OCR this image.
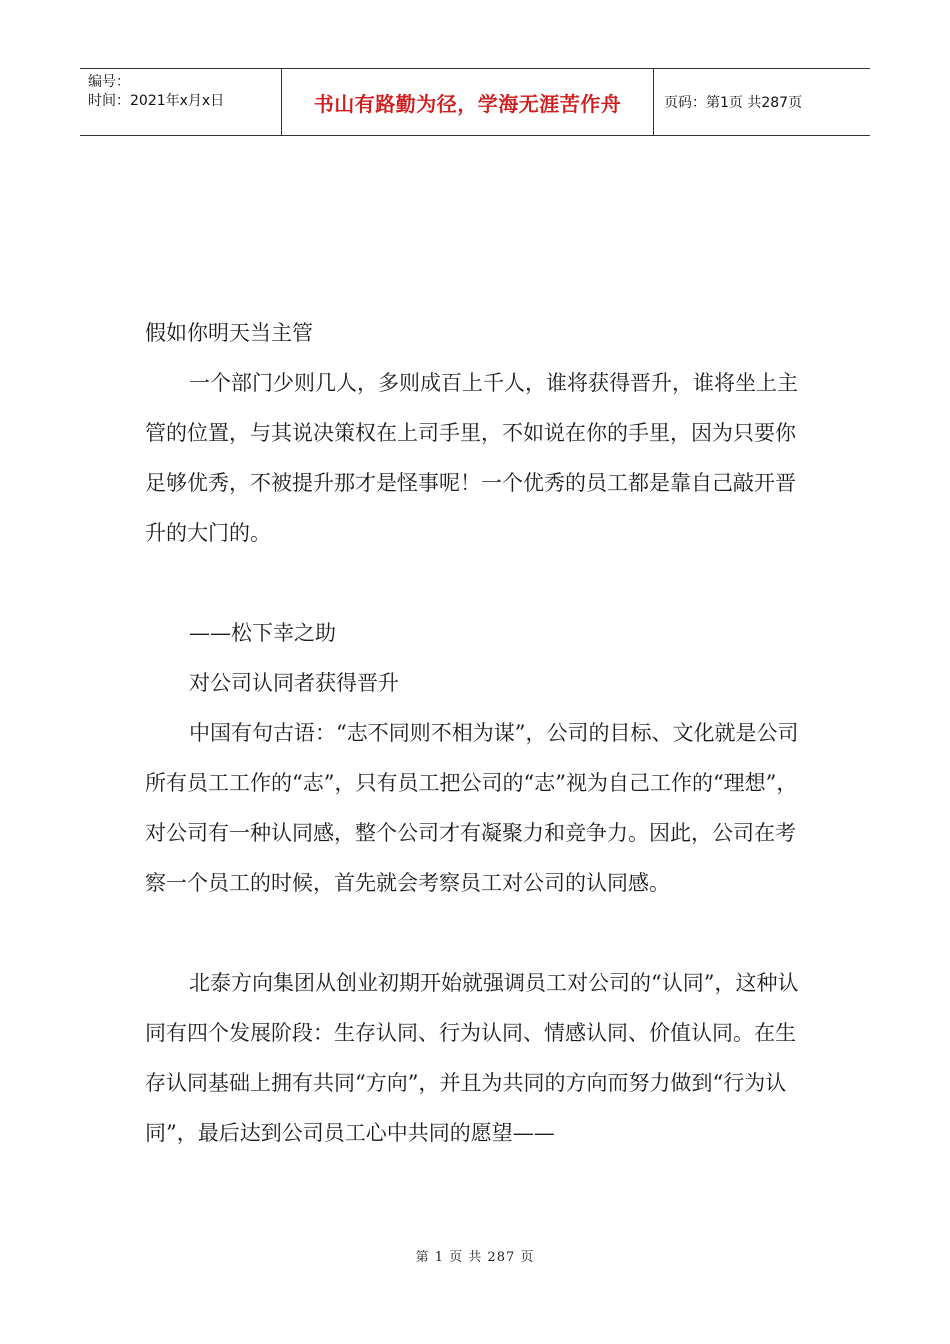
编号：
时间：2021年x月x日	书山有路勤为径，学海无涯苦作舟	页码：第1页 共287页

假如你明天当主管

一个部门少则几人，多则成百上千人，谁将获得晋升，谁将坐上主管的位置，与其说决策权在上司手里，不如说在你的手里，因为只要你足够优秀，不被提升那才是怪事呢！一个优秀的员工都是靠自己敲开晋升的大门的。

——松下幸之助

对公司认同者获得晋升

中国有句古语：“志不同则不相为谋”，公司的目标、文化就是公司所有员工工作的“志”，只有员工把公司的“志”视为自己工作的“理想”，对公司有一种认同感，整个公司才有凝聚力和竞争力。因此，公司在考察一个员工的时候，首先就会考察员工对公司的认同感。

北泰方向集团从创业初期开始就强调员工对公司的“认同”，这种认同有四个发展阶段：生存认同、行为认同、情感认同、价值认同。在生存认同基础上拥有共同“方向”，并且为共同的方向而努力做到“行为认同”，最后达到公司员工心中共同的愿望——

第 1 页 共 287 页
